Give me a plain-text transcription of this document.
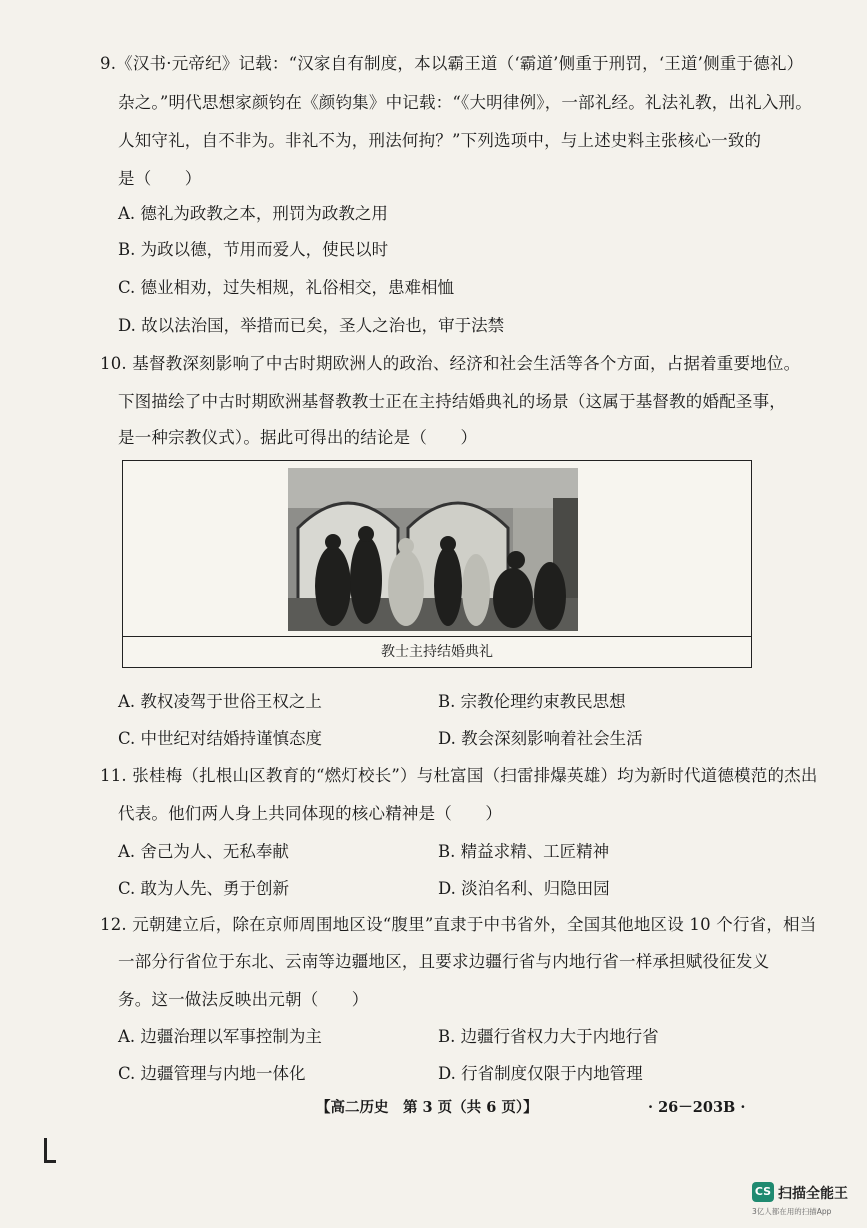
9.《汉书·元帝纪》记载：“汉家自有制度，本以霸王道（‘霸道’侧重于刑罚，‘王道’侧重于德礼）
杂之。”明代思想家颜钧在《颜钧集》中记载：“《大明律例》，一部礼经。礼法礼教，出礼入刑。
人知守礼，自不非为。非礼不为，刑法何拘？”下列选项中，与上述史料主张核心一致的
是（　　）
A. 德礼为政教之本，刑罚为政教之用
B. 为政以德，节用而爱人，使民以时
C. 德业相劝，过失相规，礼俗相交，患难相恤
D. 故以法治国，举措而已矣，圣人之治也，审于法禁
10. 基督教深刻影响了中古时期欧洲人的政治、经济和社会生活等各个方面，占据着重要地位。
下图描绘了中古时期欧洲基督教教士正在主持结婚典礼的场景（这属于基督教的婚配圣事，
是一种宗教仪式）。据此可得出的结论是（　　）
教士主持结婚典礼
A. 教权凌驾于世俗王权之上	B. 宗教伦理约束教民思想
C. 中世纪对结婚持谨慎态度	D. 教会深刻影响着社会生活
11. 张桂梅（扎根山区教育的“燃灯校长”）与杜富国（扫雷排爆英雄）均为新时代道德模范的杰出
代表。他们两人身上共同体现的核心精神是（　　）
A. 舍己为人、无私奉献	B. 精益求精、工匠精神
C. 敢为人先、勇于创新	D. 淡泊名利、归隐田园
12. 元朝建立后，除在京师周围地区设“腹里”直隶于中书省外，全国其他地区设 10 个行省，相当
一部分行省位于东北、云南等边疆地区，且要求边疆行省与内地行省一样承担赋役征发义
务。这一做法反映出元朝（　　）
A. 边疆治理以军事控制为主	B. 边疆行省权力大于内地行省
C. 边疆管理与内地一体化	D. 行省制度仅限于内地管理
【高二历史　第 3 页（共 6 页）】	· 26－203B ·
CS 扫描全能王
3亿人都在用的扫描App
